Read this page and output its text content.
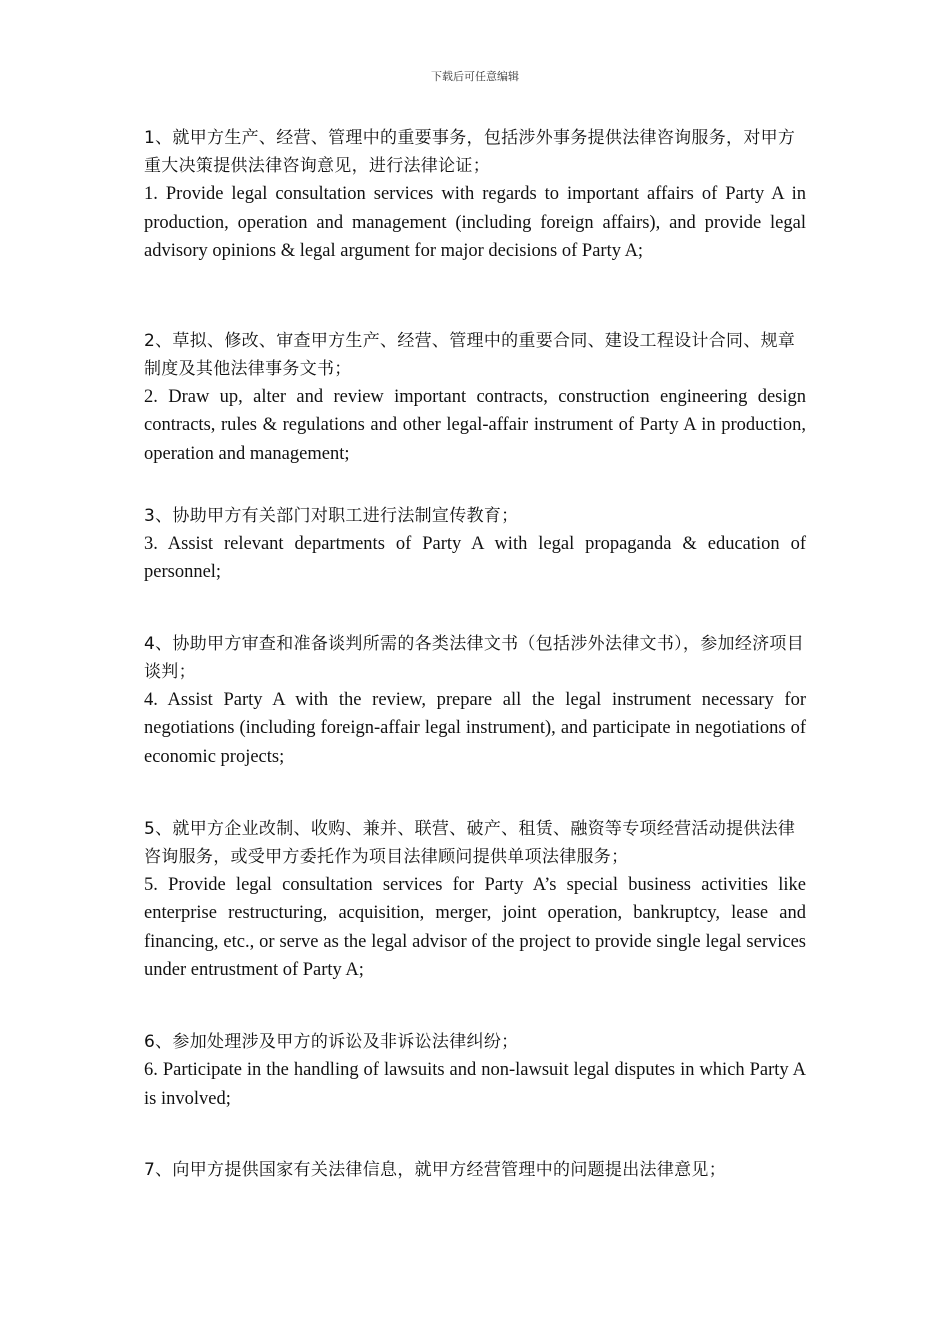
下载后可任意编辑

1、就甲方生产、经营、管理中的重要事务，包括涉外事务提供法律咨询服务，对甲方重大决策提供法律咨询意见，进行法律论证；

1. Provide legal consultation services with regards to important affairs of Party A in production, operation and management (including foreign affairs), and provide legal advisory opinions & legal argument for major decisions of Party A;

2、草拟、修改、审查甲方生产、经营、管理中的重要合同、建设工程设计合同、规章制度及其他法律事务文书；

2. Draw up, alter and review important contracts, construction engineering design contracts, rules & regulations and other legal-affair instrument of Party A in production, operation and management;

3、协助甲方有关部门对职工进行法制宣传教育；

3. Assist relevant departments of Party A with legal propaganda & education of personnel;

4、协助甲方审查和准备谈判所需的各类法律文书（包括涉外法律文书），参加经济项目谈判；

4. Assist Party A with the review, prepare all the legal instrument necessary for negotiations (including foreign-affair legal instrument), and participate in negotiations of economic projects;

5、就甲方企业改制、收购、兼并、联营、破产、租赁、融资等专项经营活动提供法律咨询服务，或受甲方委托作为项目法律顾问提供单项法律服务；

5. Provide legal consultation services for Party A’s special business activities like enterprise restructuring, acquisition, merger, joint operation, bankruptcy, lease and financing, etc., or serve as the legal advisor of the project to provide single legal services under entrustment of Party A;

6、参加处理涉及甲方的诉讼及非诉讼法律纠纷；

6. Participate in the handling of lawsuits and non-lawsuit legal disputes in which Party A is involved;

7、向甲方提供国家有关法律信息，就甲方经营管理中的问题提出法律意见；
